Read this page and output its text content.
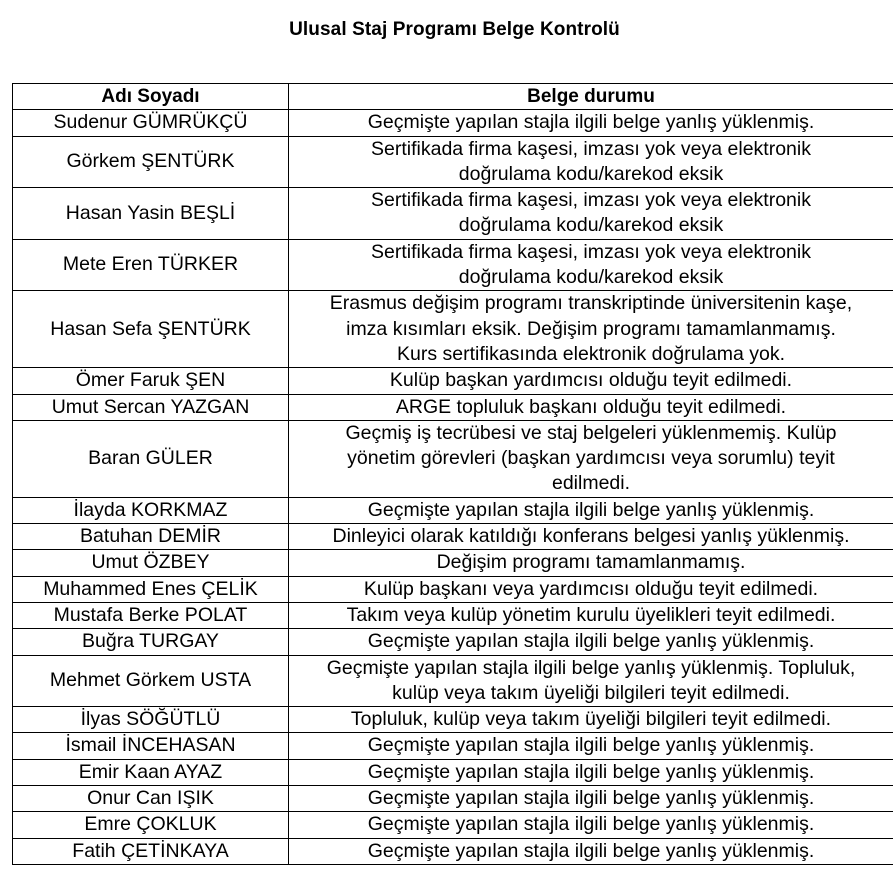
Ulusal Staj Programı Belge Kontrolü
Adı Soyadı	Belge durumu

Sudenur GÜMRÜKÇÜ	Geçmişte yapılan stajla ilgili belge yanlış yüklenmiş.

Görkem ŞENTÜRK	Sertifikada firma kaşesi, imzası yok veya elektronik
doğrulama kodu/karekod eksik

Hasan Yasin BEŞLİ	Sertifikada firma kaşesi, imzası yok veya elektronik
doğrulama kodu/karekod eksik

Mete Eren TÜRKER	Sertifikada firma kaşesi, imzası yok veya elektronik
doğrulama kodu/karekod eksik

Hasan Sefa ŞENTÜRK	Erasmus değişim programı transkriptinde üniversitenin kaşe,
imza kısımları eksik. Değişim programı tamamlanmamış.
Kurs sertifikasında elektronik doğrulama yok.

Ömer Faruk ŞEN	Kulüp başkan yardımcısı olduğu teyit edilmedi.

Umut Sercan YAZGAN	ARGE topluluk başkanı olduğu teyit edilmedi.

Baran GÜLER	Geçmiş iş tecrübesi ve staj belgeleri yüklenmemiş. Kulüp
yönetim görevleri (başkan yardımcısı veya sorumlu) teyit
edilmedi.

İlayda KORKMAZ	Geçmişte yapılan stajla ilgili belge yanlış yüklenmiş.

Batuhan DEMİR	Dinleyici olarak katıldığı konferans belgesi yanlış yüklenmiş.

Umut ÖZBEY	Değişim programı tamamlanmamış.

Muhammed Enes ÇELİK	Kulüp başkanı veya yardımcısı olduğu teyit edilmedi.

Mustafa Berke POLAT	Takım veya kulüp yönetim kurulu üyelikleri teyit edilmedi.

Buğra TURGAY	Geçmişte yapılan stajla ilgili belge yanlış yüklenmiş.

Mehmet Görkem USTA	Geçmişte yapılan stajla ilgili belge yanlış yüklenmiş. Topluluk,
kulüp veya takım üyeliği bilgileri teyit edilmedi.

İlyas SÖĞÜTLÜ	Topluluk, kulüp veya takım üyeliği bilgileri teyit edilmedi.

İsmail İNCEHASAN	Geçmişte yapılan stajla ilgili belge yanlış yüklenmiş.

Emir Kaan AYAZ	Geçmişte yapılan stajla ilgili belge yanlış yüklenmiş.

Onur Can IŞIK	Geçmişte yapılan stajla ilgili belge yanlış yüklenmiş.

Emre ÇOKLUK	Geçmişte yapılan stajla ilgili belge yanlış yüklenmiş.

Fatih ÇETİNKAYA	Geçmişte yapılan stajla ilgili belge yanlış yüklenmiş.
